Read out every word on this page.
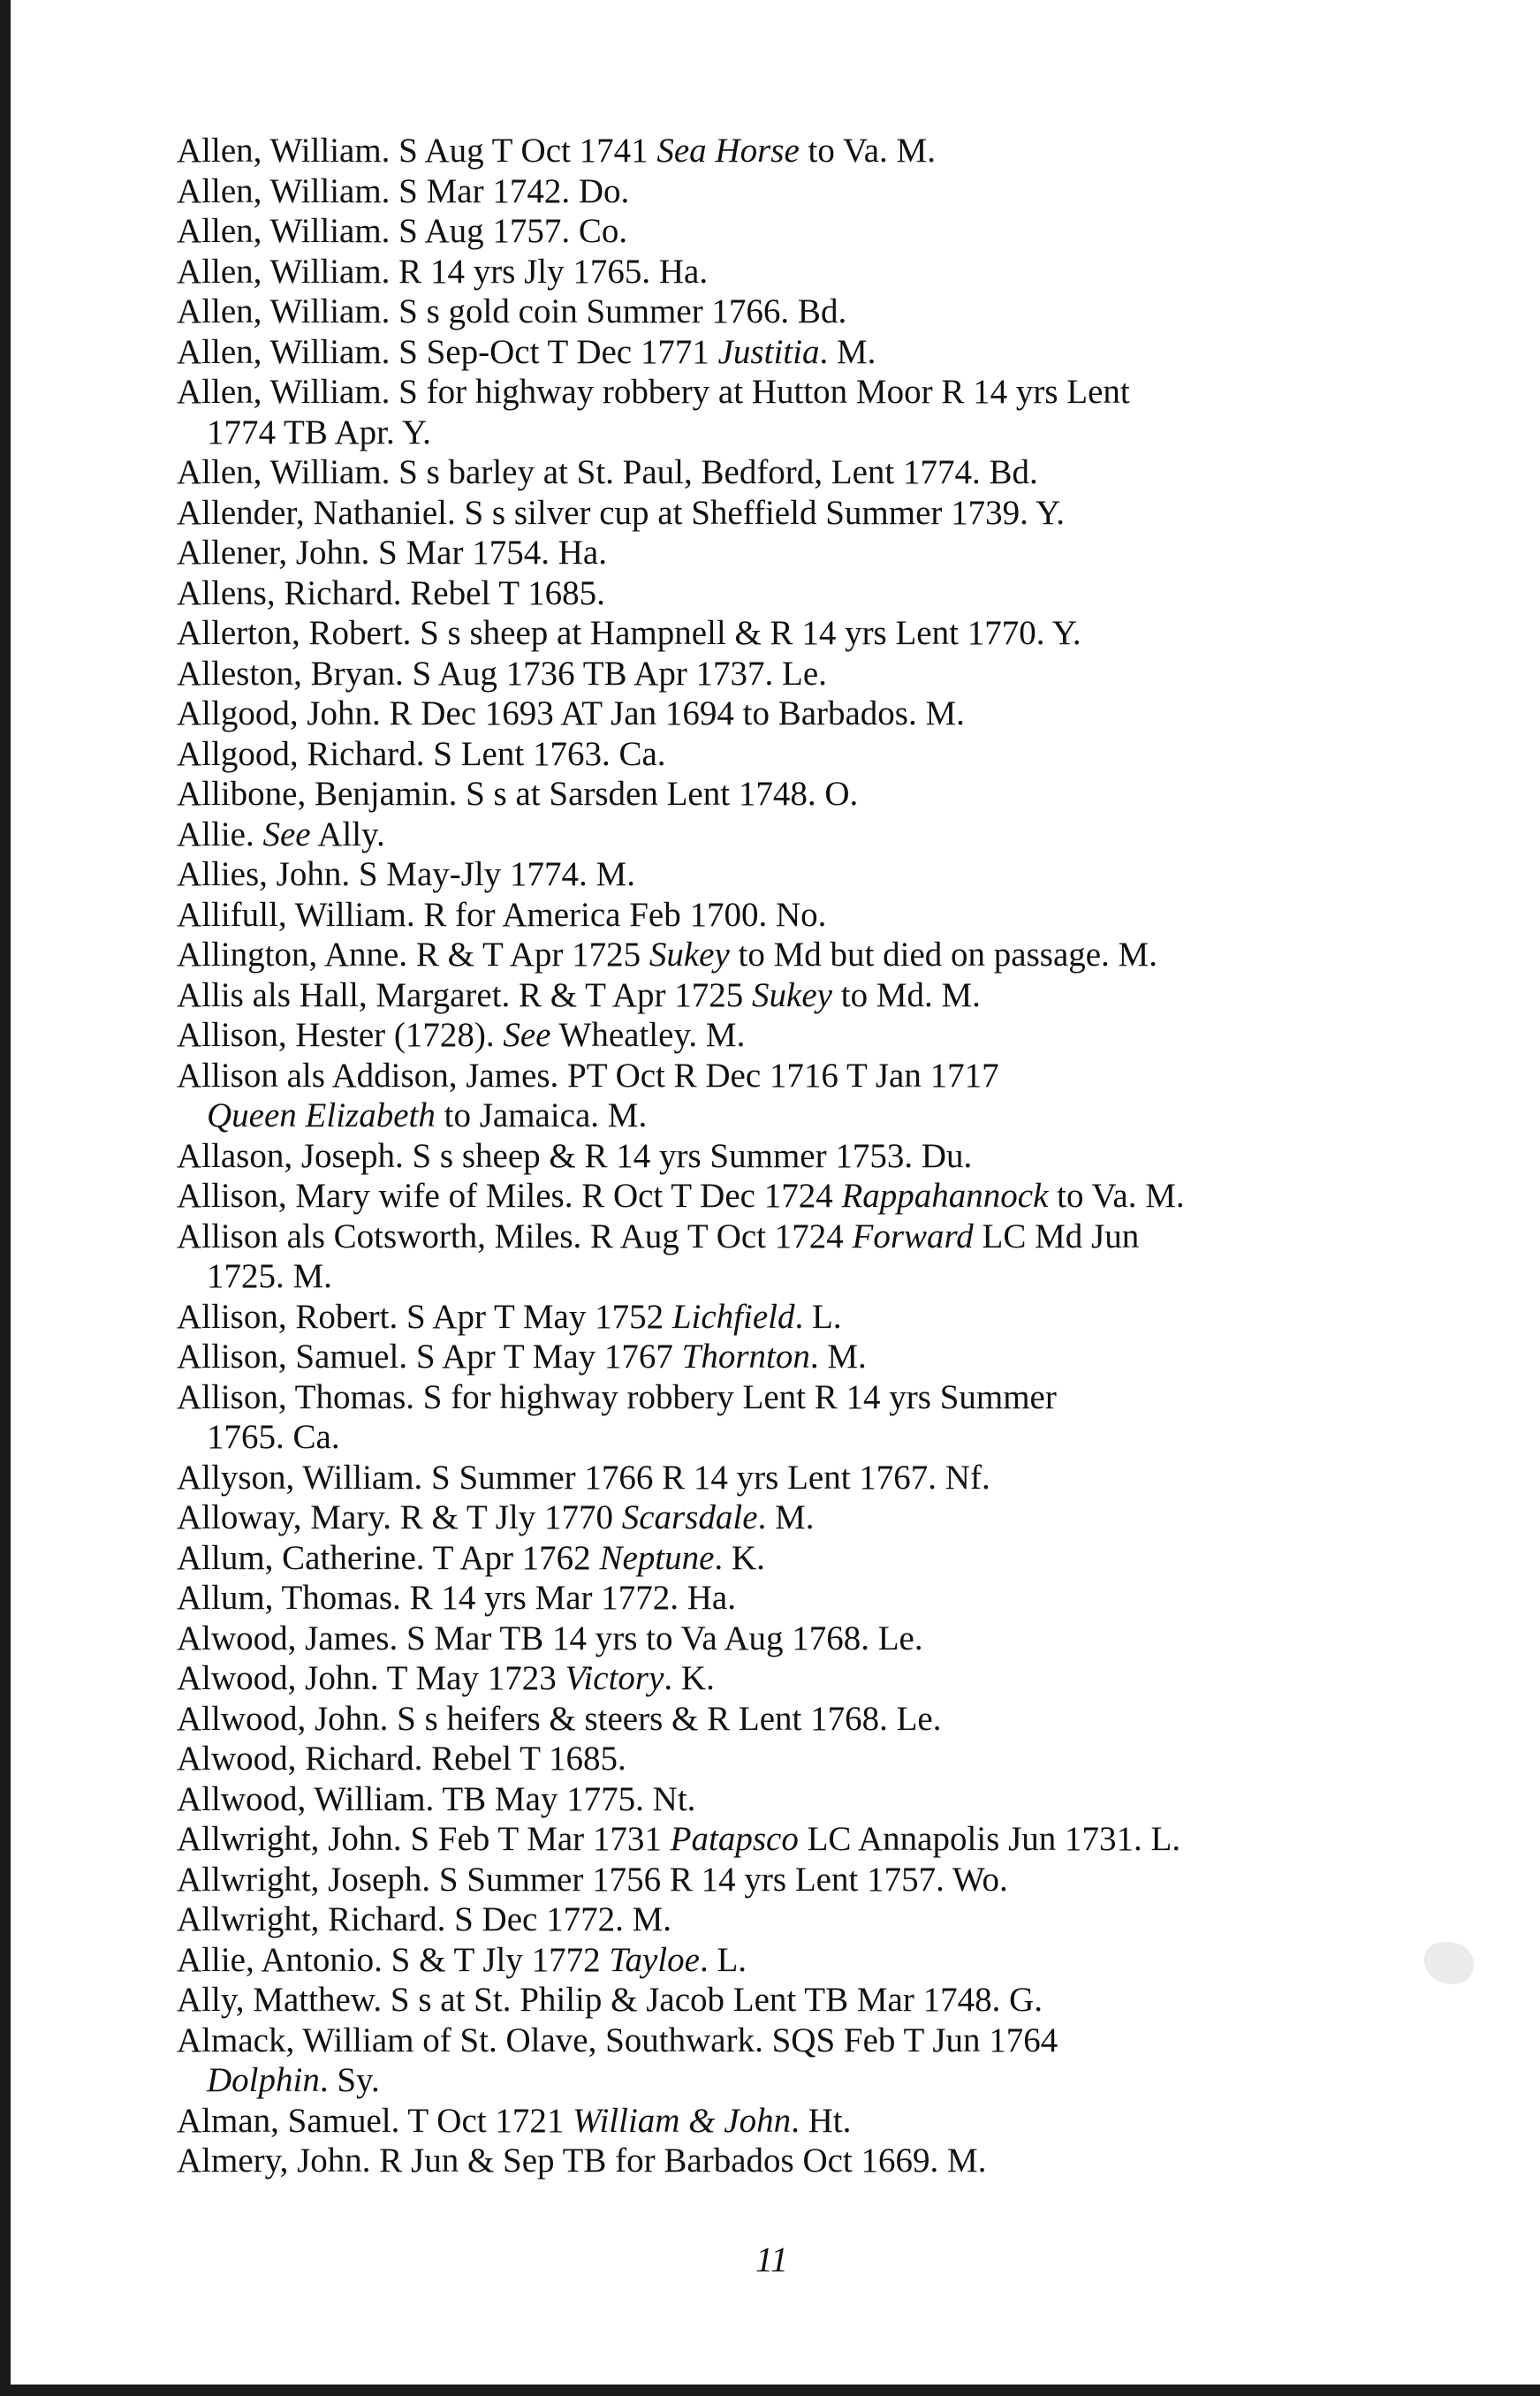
Allen, William. S Aug T Oct 1741 Sea Horse to Va. M.
Allen, William. S Mar 1742. Do.
Allen, William. S Aug 1757. Co.
Allen, William. R 14 yrs Jly 1765. Ha.
Allen, William. S s gold coin Summer 1766. Bd.
Allen, William. S Sep-Oct T Dec 1771 Justitia. M.
Allen, William. S for highway robbery at Hutton Moor R 14 yrs Lent
1774 TB Apr. Y.
Allen, William. S s barley at St. Paul, Bedford, Lent 1774. Bd.
Allender, Nathaniel. S s silver cup at Sheffield Summer 1739. Y.
Allener, John. S Mar 1754. Ha.
Allens, Richard. Rebel T 1685.
Allerton, Robert. S s sheep at Hampnell & R 14 yrs Lent 1770. Y.
Alleston, Bryan. S Aug 1736 TB Apr 1737. Le.
Allgood, John. R Dec 1693 AT Jan 1694 to Barbados. M.
Allgood, Richard. S Lent 1763. Ca.
Allibone, Benjamin. S s at Sarsden Lent 1748. O.
Allie. See Ally.
Allies, John. S May-Jly 1774. M.
Allifull, William. R for America Feb 1700. No.
Allington, Anne. R & T Apr 1725 Sukey to Md but died on passage. M.
Allis als Hall, Margaret. R & T Apr 1725 Sukey to Md. M.
Allison, Hester (1728). See Wheatley. M.
Allison als Addison, James. PT Oct R Dec 1716 T Jan 1717
Queen Elizabeth to Jamaica. M.
Allason, Joseph. S s sheep & R 14 yrs Summer 1753. Du.
Allison, Mary wife of Miles. R Oct T Dec 1724 Rappahannock to Va. M.
Allison als Cotsworth, Miles. R Aug T Oct 1724 Forward LC Md Jun
1725. M.
Allison, Robert. S Apr T May 1752 Lichfield. L.
Allison, Samuel. S Apr T May 1767 Thornton. M.
Allison, Thomas. S for highway robbery Lent R 14 yrs Summer
1765. Ca.
Allyson, William. S Summer 1766 R 14 yrs Lent 1767. Nf.
Alloway, Mary. R & T Jly 1770 Scarsdale. M.
Allum, Catherine. T Apr 1762 Neptune. K.
Allum, Thomas. R 14 yrs Mar 1772. Ha.
Alwood, James. S Mar TB 14 yrs to Va Aug 1768. Le.
Alwood, John. T May 1723 Victory. K.
Allwood, John. S s heifers & steers & R Lent 1768. Le.
Alwood, Richard. Rebel T 1685.
Allwood, William. TB May 1775. Nt.
Allwright, John. S Feb T Mar 1731 Patapsco LC Annapolis Jun 1731. L.
Allwright, Joseph. S Summer 1756 R 14 yrs Lent 1757. Wo.
Allwright, Richard. S Dec 1772. M.
Allie, Antonio. S & T Jly 1772 Tayloe. L.
Ally, Matthew. S s at St. Philip & Jacob Lent TB Mar 1748. G.
Almack, William of St. Olave, Southwark. SQS Feb T Jun 1764
Dolphin. Sy.
Alman, Samuel. T Oct 1721 William & John. Ht.
Almery, John. R Jun & Sep TB for Barbados Oct 1669. M.
11
